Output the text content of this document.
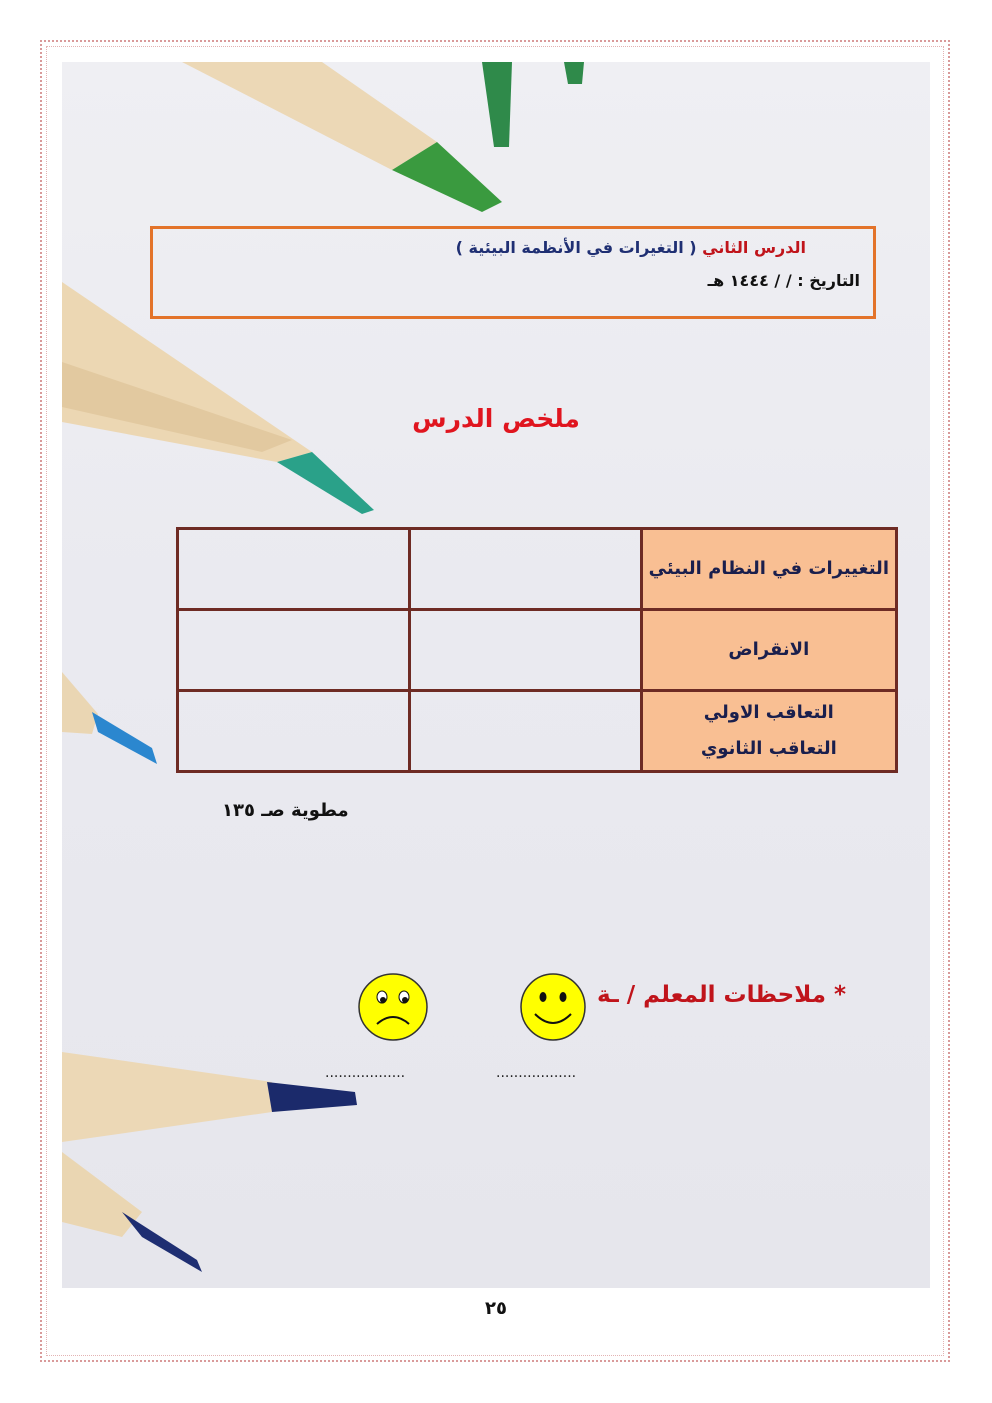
الدرس الثاني ( التغيرات في الأنظمة البيئية )
التاريخ : / / ١٤٤٤ هـ
ملخص الدرس
التغييرات في النظام البيئي		

الانقراض		

التعاقب الاولي
التعاقب الثانوي		

مطوية صـ ١٣٥
* ملاحظات المعلم / ـة
..................
..................
٢٥
